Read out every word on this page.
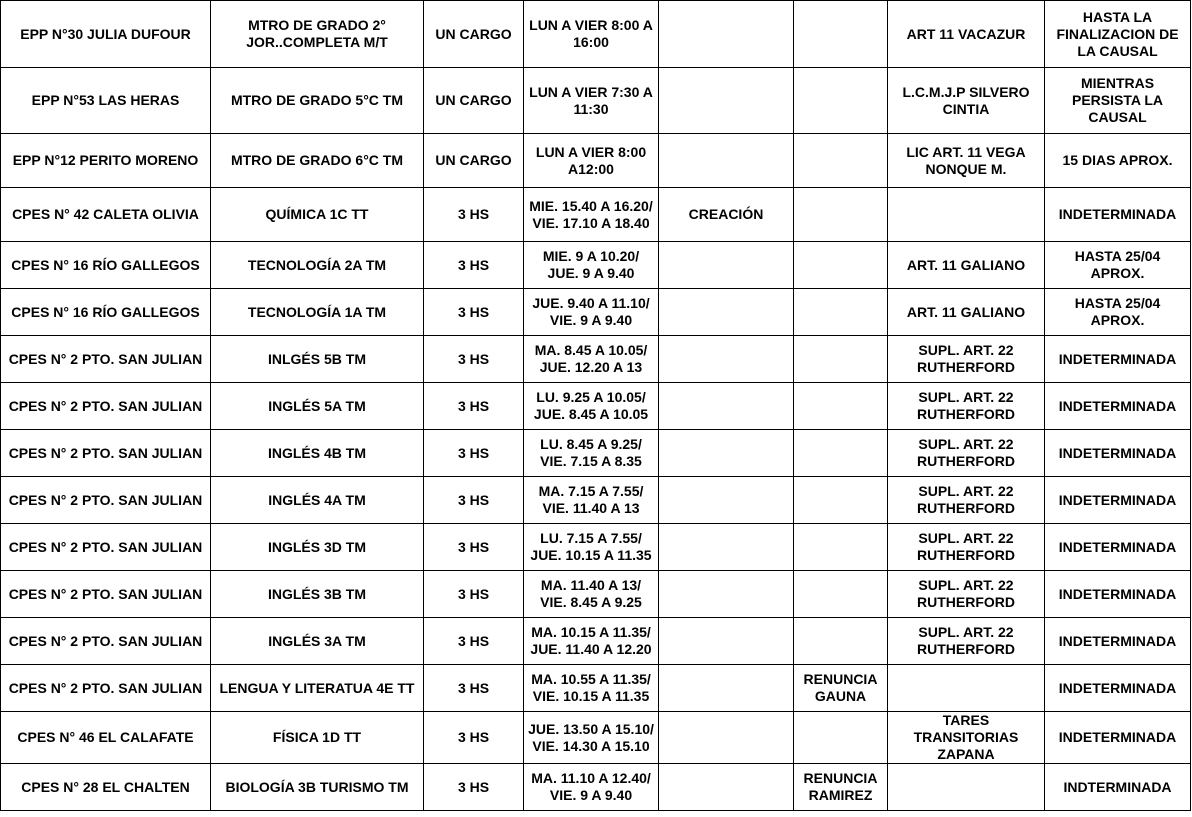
EPP N°30 JULIA DUFOUR	MTRO DE GRADO 2° JOR..COMPLETA M/T	UN CARGO	LUN A VIER 8:00 A 16:00			ART 11 VACAZUR	HASTA LA FINALIZACION DE LA CAUSAL
EPP N°53 LAS HERAS	MTRO DE GRADO 5°C TM	UN CARGO	LUN A VIER 7:30 A 11:30			L.C.M.J.P SILVERO CINTIA	MIENTRAS PERSISTA LA CAUSAL
EPP N°12 PERITO MORENO	MTRO DE GRADO 6°C TM	UN CARGO	LUN A VIER 8:00 A12:00			LIC ART. 11 VEGA NONQUE M.	15 DIAS APROX.
CPES N° 42 CALETA OLIVIA	QUÍMICA 1C TT	3 HS	MIE. 15.40 A 16.20/ VIE. 17.10 A 18.40	CREACIÓN			INDETERMINADA
CPES N° 16 RÍO GALLEGOS	TECNOLOGÍA 2A TM	3 HS	MIE. 9 A 10.20/ JUE. 9 A 9.40			ART. 11 GALIANO	HASTA 25/04 APROX.
CPES N° 16 RÍO GALLEGOS	TECNOLOGÍA 1A TM	3 HS	JUE. 9.40 A 11.10/ VIE. 9 A 9.40			ART. 11 GALIANO	HASTA 25/04 APROX.
CPES N° 2 PTO. SAN JULIAN	INLGÉS 5B TM	3 HS	MA. 8.45 A 10.05/ JUE. 12.20 A 13			SUPL. ART. 22 RUTHERFORD	INDETERMINADA
CPES N° 2 PTO. SAN JULIAN	INGLÉS 5A TM	3 HS	LU. 9.25 A 10.05/ JUE. 8.45 A 10.05			SUPL. ART. 22 RUTHERFORD	INDETERMINADA
CPES N° 2 PTO. SAN JULIAN	INGLÉS 4B TM	3 HS	LU. 8.45 A 9.25/ VIE. 7.15 A 8.35			SUPL. ART. 22 RUTHERFORD	INDETERMINADA
CPES N° 2 PTO. SAN JULIAN	INGLÉS 4A TM	3 HS	MA. 7.15 A 7.55/ VIE. 11.40 A 13			SUPL. ART. 22 RUTHERFORD	INDETERMINADA
CPES N° 2 PTO. SAN JULIAN	INGLÉS 3D TM	3 HS	LU. 7.15 A 7.55/ JUE. 10.15 A 11.35			SUPL. ART. 22 RUTHERFORD	INDETERMINADA
CPES N° 2 PTO. SAN JULIAN	INGLÉS 3B TM	3 HS	MA. 11.40 A 13/ VIE. 8.45 A 9.25			SUPL. ART. 22 RUTHERFORD	INDETERMINADA
CPES N° 2 PTO. SAN JULIAN	INGLÉS 3A TM	3 HS	MA. 10.15 A 11.35/ JUE. 11.40 A 12.20			SUPL. ART. 22 RUTHERFORD	INDETERMINADA
CPES N° 2 PTO. SAN JULIAN	LENGUA Y LITERATUA 4E TT	3 HS	MA. 10.55 A 11.35/ VIE. 10.15 A 11.35		RENUNCIA GAUNA		INDETERMINADA
CPES N° 46 EL CALAFATE	FÍSICA 1D TT	3 HS	JUE. 13.50 A 15.10/ VIE. 14.30 A 15.10			TARES TRANSITORIAS ZAPANA	INDETERMINADA
CPES N° 28 EL CHALTEN	BIOLOGÍA 3B TURISMO TM	3 HS	MA. 11.10 A 12.40/ VIE. 9 A 9.40		RENUNCIA RAMIREZ		INDTERMINADA
